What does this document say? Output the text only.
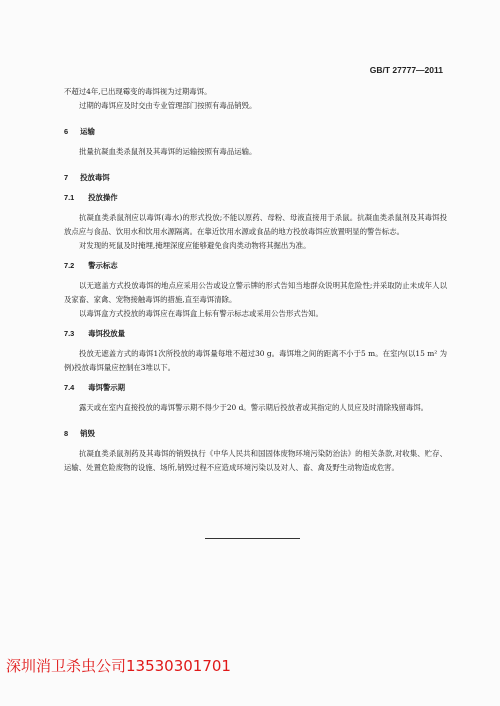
GB/T 27777—2011

不超过4年,已出现霉变的毒饵视为过期毒饵。

过期的毒饵应及时交由专业管理部门按照有毒品销毁。

6 运输

批量抗凝血类杀鼠剂及其毒饵的运输按照有毒品运输。

7 投放毒饵

7.1 投放操作

抗凝血类杀鼠剂应以毒饵(毒水)的形式投放;不能以原药、母粉、母液直接用于杀鼠。抗凝血类杀鼠剂及其毒饵投放点应与食品、饮用水和饮用水源隔离。在靠近饮用水源或食品的地方投放毒饵应放置明显的警告标志。

对发现的死鼠及时掩埋,掩埋深度应能够避免食肉类动物将其掘出为准。

7.2 警示标志

以无遮盖方式投放毒饵的地点应采用公告或设立警示牌的形式告知当地群众说明其危险性;并采取防止未成年人以及家畜、家禽、宠物接触毒饵的措施,直至毒饵清除。

以毒饵盒方式投放的毒饵应在毒饵盒上标有警示标志或采用公告形式告知。

7.3 毒饵投放量

投放无遮盖方式的毒饵1次所投放的毒饵量每堆不超过30 g。毒饵堆之间的距离不小于5 m。在室内(以15 m² 为例)投放毒饵量应控制在3堆以下。

7.4 毒饵警示期

露天或在室内直接投放的毒饵警示期不得少于20 d。警示期后投放者或其指定的人员应及时清除残留毒饵。

8 销毁

抗凝血类杀鼠剂药及其毒饵的销毁执行《中华人民共和国固体废物环境污染防治法》的相关条款,对收集、贮存、运输、处置危险废物的设施、场所,销毁过程不应造成环境污染以及对人、畜、禽及野生动物造成危害。

深圳消卫杀虫公司13530301701
